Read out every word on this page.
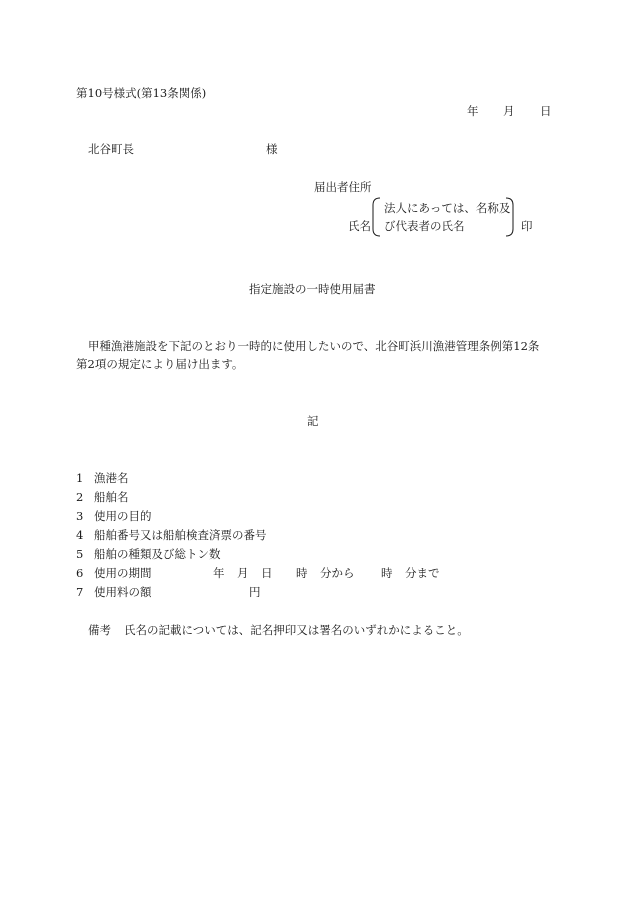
第10号様式(第13条関係)
年 月 日
北谷町長	様
届出者住所
氏名
法人にあっては、名称及
び代表者の氏名	印
指定施設の一時使用届書
甲種漁港施設を下記のとおり一時的に使用したいので、北谷町浜川漁港管理条例第12条
第2項の規定により届け出ます。
記
1 漁港名
2 船舶名
3 使用の目的
4 船舶番号又は船舶検査済票の番号
5 船舶の種類及び総トン数
6 使用の期間	年 月 日 時 分から 時 分まで
7 使用料の額	円
備考 氏名の記載については、記名押印又は署名のいずれかによること。
